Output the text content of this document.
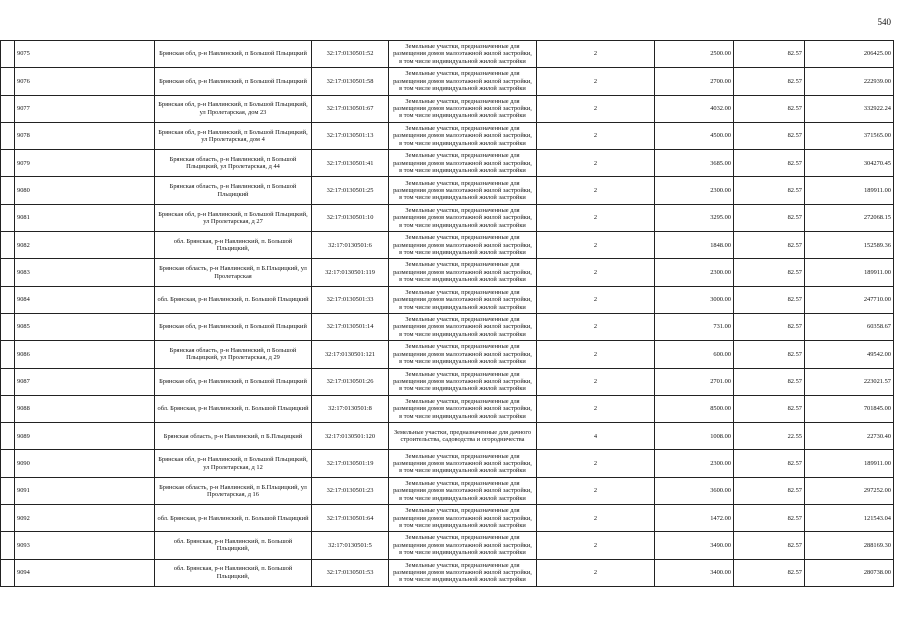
540
	9075	Брянская обл, р-н Навлинский, п Большой Пльцицкий	32:17:0130501:52	Земельные участки, предназначенные для размещения домов малоэтажной жилой застройки, в том числе индивидуальной жилой застройки	2	2500.00	82.57	206425.00
	9076	Брянская обл, р-н Навлинский, п Большой Пльцицкий	32:17:0130501:58	Земельные участки, предназначенные для размещения домов малоэтажной жилой застройки, в том числе индивидуальной жилой застройки	2	2700.00	82.57	222939.00
	9077	Брянская обл, р-н Навлинский, п Большой Пльцицкий, ул Пролетарская, дом 23	32:17:0130501:67	Земельные участки, предназначенные для размещения домов малоэтажной жилой застройки, в том числе индивидуальной жилой застройки	2	4032.00	82.57	332922.24
	9078	Брянская обл, р-н Навлинский, п Большой Пльцицкий, ул Пролетарская, дом 4	32:17:0130501:13	Земельные участки, предназначенные для размещения домов малоэтажной жилой застройки, в том числе индивидуальной жилой застройки	2	4500.00	82.57	371565.00
	9079	Брянская область, р-н Навлинский, п Большой Пльцицкий, ул Пролетарская, д 44	32:17:0130501:41	Земельные участки, предназначенные для размещения домов малоэтажной жилой застройки, в том числе индивидуальной жилой застройки	2	3685.00	82.57	304270.45
	9080	Брянская область, р-н Навлинский, п Большой Пльцицкий	32:17:0130501:25	Земельные участки, предназначенные для размещения домов малоэтажной жилой застройки, в том числе индивидуальной жилой застройки	2	2300.00	82.57	189911.00
	9081	Брянская обл, р-н Навлинский, п Большой Пльцицкий, ул Пролетарская, д 27	32:17:0130501:10	Земельные участки, предназначенные для размещения домов малоэтажной жилой застройки, в том числе индивидуальной жилой застройки	2	3295.00	82.57	272068.15
	9082	обл. Брянская, р-н Навлинский, п. Большой Пльцицкий,	32:17:0130501:6	Земельные участки, предназначенные для размещения домов малоэтажной жилой застройки, в том числе индивидуальной жилой застройки	2	1848.00	82.57	152589.36
	9083	Брянская область, р-н Навлинский, п Б.Пльцицкий, ул Пролетарская	32:17:0130501:119	Земельные участки, предназначенные для размещения домов малоэтажной жилой застройки, в том числе индивидуальной жилой застройки	2	2300.00	82.57	189911.00
	9084	обл. Брянская, р-н Навлинский, п. Большой Пльцицкий	32:17:0130501:33	Земельные участки, предназначенные для размещения домов малоэтажной жилой застройки, в том числе индивидуальной жилой застройки	2	3000.00	82.57	247710.00
	9085	Брянская обл, р-н Навлинский, п Большой Пльцицкий	32:17:0130501:14	Земельные участки, предназначенные для размещения домов малоэтажной жилой застройки, в том числе индивидуальной жилой застройки	2	731.00	82.57	60358.67
	9086	Брянская область, р-н Навлинский, п Большой Пльцицкий, ул Пролетарская, д 29	32:17:0130501:121	Земельные участки, предназначенные для размещения домов малоэтажной жилой застройки, в том числе индивидуальной жилой застройки	2	600.00	82.57	49542.00
	9087	Брянская обл, р-н Навлинский, п Большой Пльцицкий	32:17:0130501:26	Земельные участки, предназначенные для размещения домов малоэтажной жилой застройки, в том числе индивидуальной жилой застройки	2	2701.00	82.57	223021.57
	9088	обл. Брянская, р-н Навлинский, п. Большой Пльцицкий	32:17:0130501:8	Земельные участки, предназначенные для размещения домов малоэтажной жилой застройки, в том числе индивидуальной жилой застройки	2	8500.00	82.57	701845.00
	9089	Брянская область, р-н Навлинский, п Б.Пльцицкий	32:17:0130501:120	Земельные участки, предназначенные для дачного строительства, садоводства и огородничества	4	1008.00	22.55	22730.40
	9090	Брянская обл, р-н Навлинский, п Большой Пльцицкий, ул Пролетарская, д 12	32:17:0130501:19	Земельные участки, предназначенные для размещения домов малоэтажной жилой застройки, в том числе индивидуальной жилой застройки	2	2300.00	82.57	189911.00
	9091	Брянская область, р-н Навлинский, п Б.Пльцицкий, ул Пролетарская, д 16	32:17:0130501:23	Земельные участки, предназначенные для размещения домов малоэтажной жилой застройки, в том числе индивидуальной жилой застройки	2	3600.00	82.57	297252.00
	9092	обл. Брянская, р-н Навлинский, п. Большой Пльцицкий	32:17:0130501:64	Земельные участки, предназначенные для размещения домов малоэтажной жилой застройки, в том числе индивидуальной жилой застройки	2	1472.00	82.57	121543.04
	9093	обл. Брянская, р-н Навлинский, п. Большой Пльцицкий,	32:17:0130501:5	Земельные участки, предназначенные для размещения домов малоэтажной жилой застройки, в том числе индивидуальной жилой застройки	2	3490.00	82.57	288169.30
	9094	обл. Брянская, р-н Навлинский, п. Большой Пльцицкий,	32:17:0130501:53	Земельные участки, предназначенные для размещения домов малоэтажной жилой застройки, в том числе индивидуальной жилой застройки	2	3400.00	82.57	280738.00
